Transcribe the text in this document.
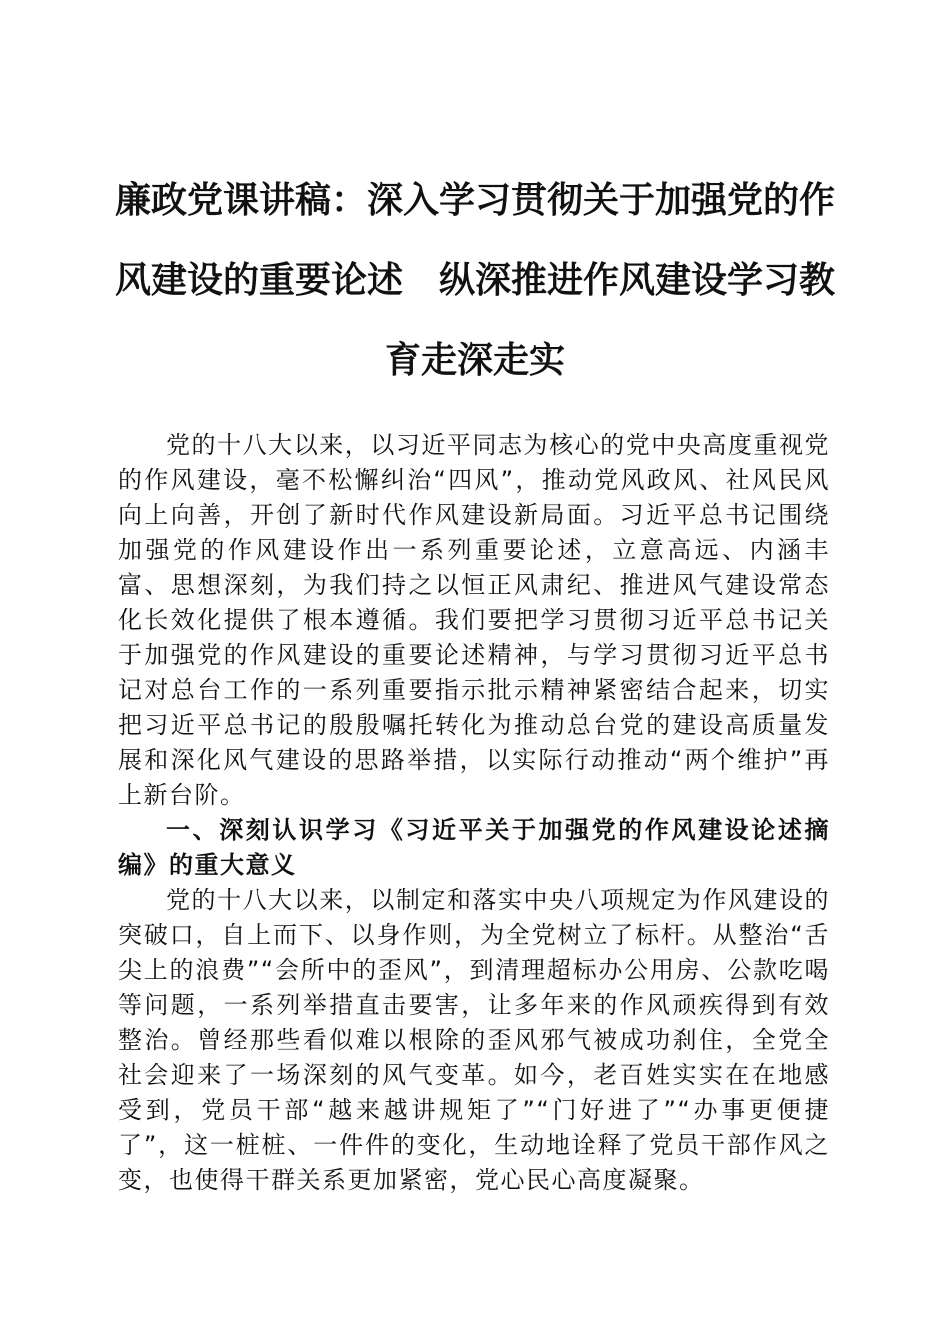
廉政党课讲稿：深入学习贯彻关于加强党的作
风建设的重要论述　纵深推进作风建设学习教
育走深走实

党的十八大以来，以习近平同志为核心的党中央高度重视党的作风建设，毫不松懈纠治“四风”，推动党风政风、社风民风向上向善，开创了新时代作风建设新局面。习近平总书记围绕加强党的作风建设作出一系列重要论述，立意高远、内涵丰富、思想深刻，为我们持之以恒正风肃纪、推进风气建设常态化长效化提供了根本遵循。我们要把学习贯彻习近平总书记关于加强党的作风建设的重要论述精神，与学习贯彻习近平总书记对总台工作的一系列重要指示批示精神紧密结合起来，切实把习近平总书记的殷殷嘱托转化为推动总台党的建设高质量发展和深化风气建设的思路举措，以实际行动推动“两个维护”再上新台阶。

一、深刻认识学习《习近平关于加强党的作风建设论述摘编》的重大意义

党的十八大以来，以制定和落实中央八项规定为作风建设的突破口，自上而下、以身作则，为全党树立了标杆。从整治“舌尖上的浪费”“会所中的歪风”，到清理超标办公用房、公款吃喝等问题，一系列举措直击要害，让多年来的作风顽疾得到有效整治。曾经那些看似难以根除的歪风邪气被成功刹住，全党全社会迎来了一场深刻的风气变革。如今，老百姓实实在在地感受到，党员干部“越来越讲规矩了”“门好进了”“办事更便捷了”，这一桩桩、一件件的变化，生动地诠释了党员干部作风之变，也使得干群关系更加紧密，党心民心高度凝聚。
